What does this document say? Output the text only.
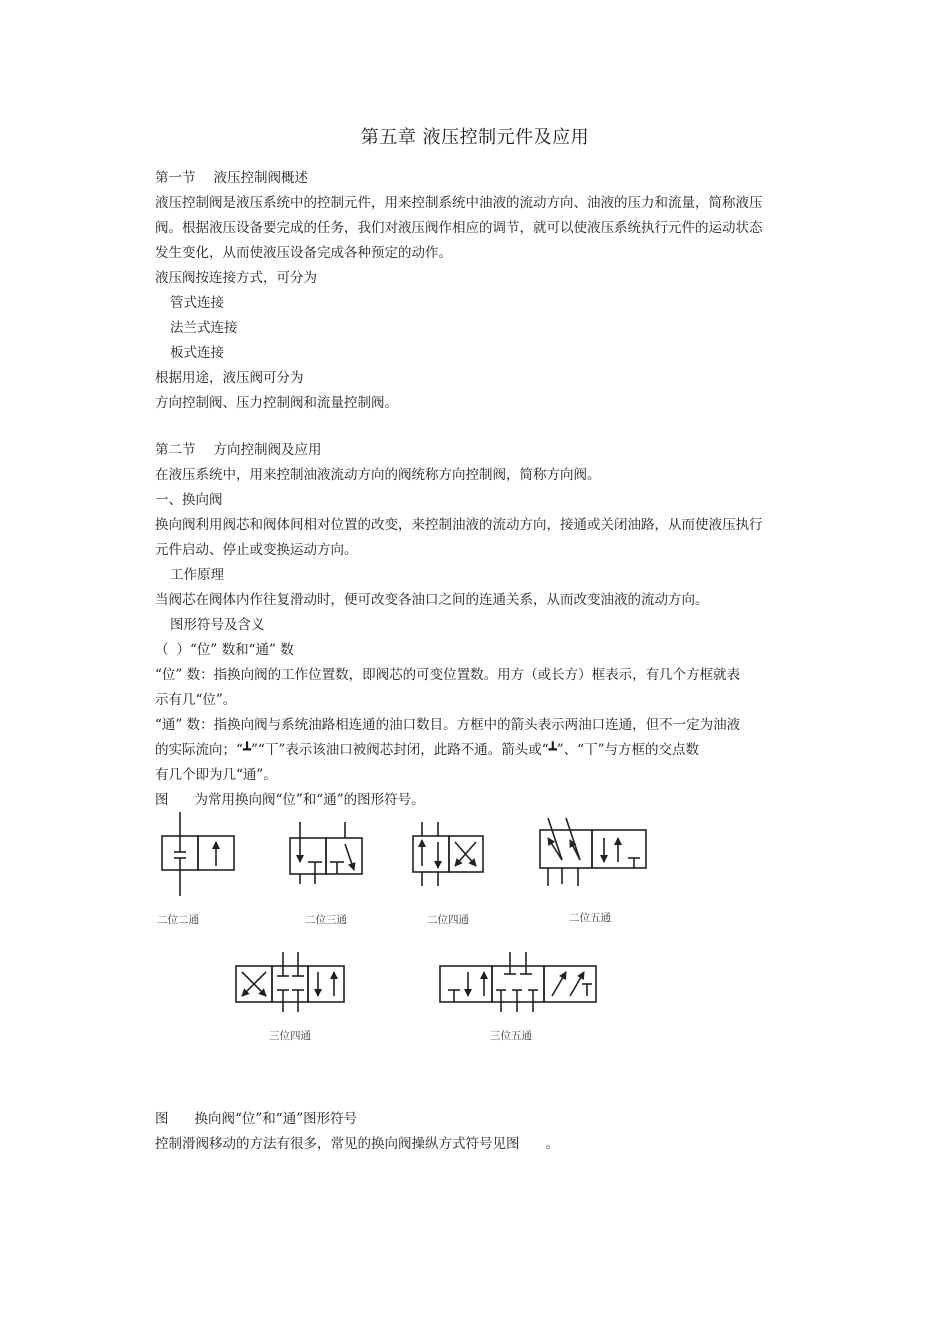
第五章 液压控制元件及应用
第一节 液压控制阀概述
液压控制阀是液压系统中的控制元件，用来控制系统中油液的流动方向、油液的压力和流量，简称液压
阀。根据液压设备要完成的任务，我们对液压阀作相应的调节，就可以使液压系统执行元件的运动状态
发生变化，从而使液压设备完成各种预定的动作。
液压阀按连接方式，可分为
管式连接
法兰式连接
板式连接
根据用途，液压阀可分为
方向控制阀、压力控制阀和流量控制阀。
第二节 方向控制阀及应用
在液压系统中，用来控制油液流动方向的阀统称方向控制阀，简称方向阀。
一、换向阀
换向阀利用阀芯和阀体间相对位置的改变，来控制油液的流动方向，接通或关闭油路，从而使液压执行
元件启动、停止或变换运动方向。
工作原理
当阀芯在阀体内作往复滑动时，便可改变各油口之间的连通关系，从而改变油液的流动方向。
图形符号及含义
（ ）“位” 数和“通” 数
“位” 数：指换向阀的工作位置数，即阀芯的可变位置数。用方（或长方）框表示，有几个方框就表
示有几“位”。
“通” 数：指换向阀与系统油路相连通的油口数目。方框中的箭头表示两油口连通，但不一定为油液
的实际流向；“┻”“丅”表示该油口被阀芯封闭，此路不通。箭头或“┻”、“丅”与方框的交点数
有几个即为几“通”。
图 为常用换向阀“位”和“通”的图形符号。
二位二通	二位三通	二位四通	二位五通
三位四通	三位五通
图 换向阀“位”和“通”图形符号
控制滑阀移动的方法有很多，常见的换向阀操纵方式符号见图 。
